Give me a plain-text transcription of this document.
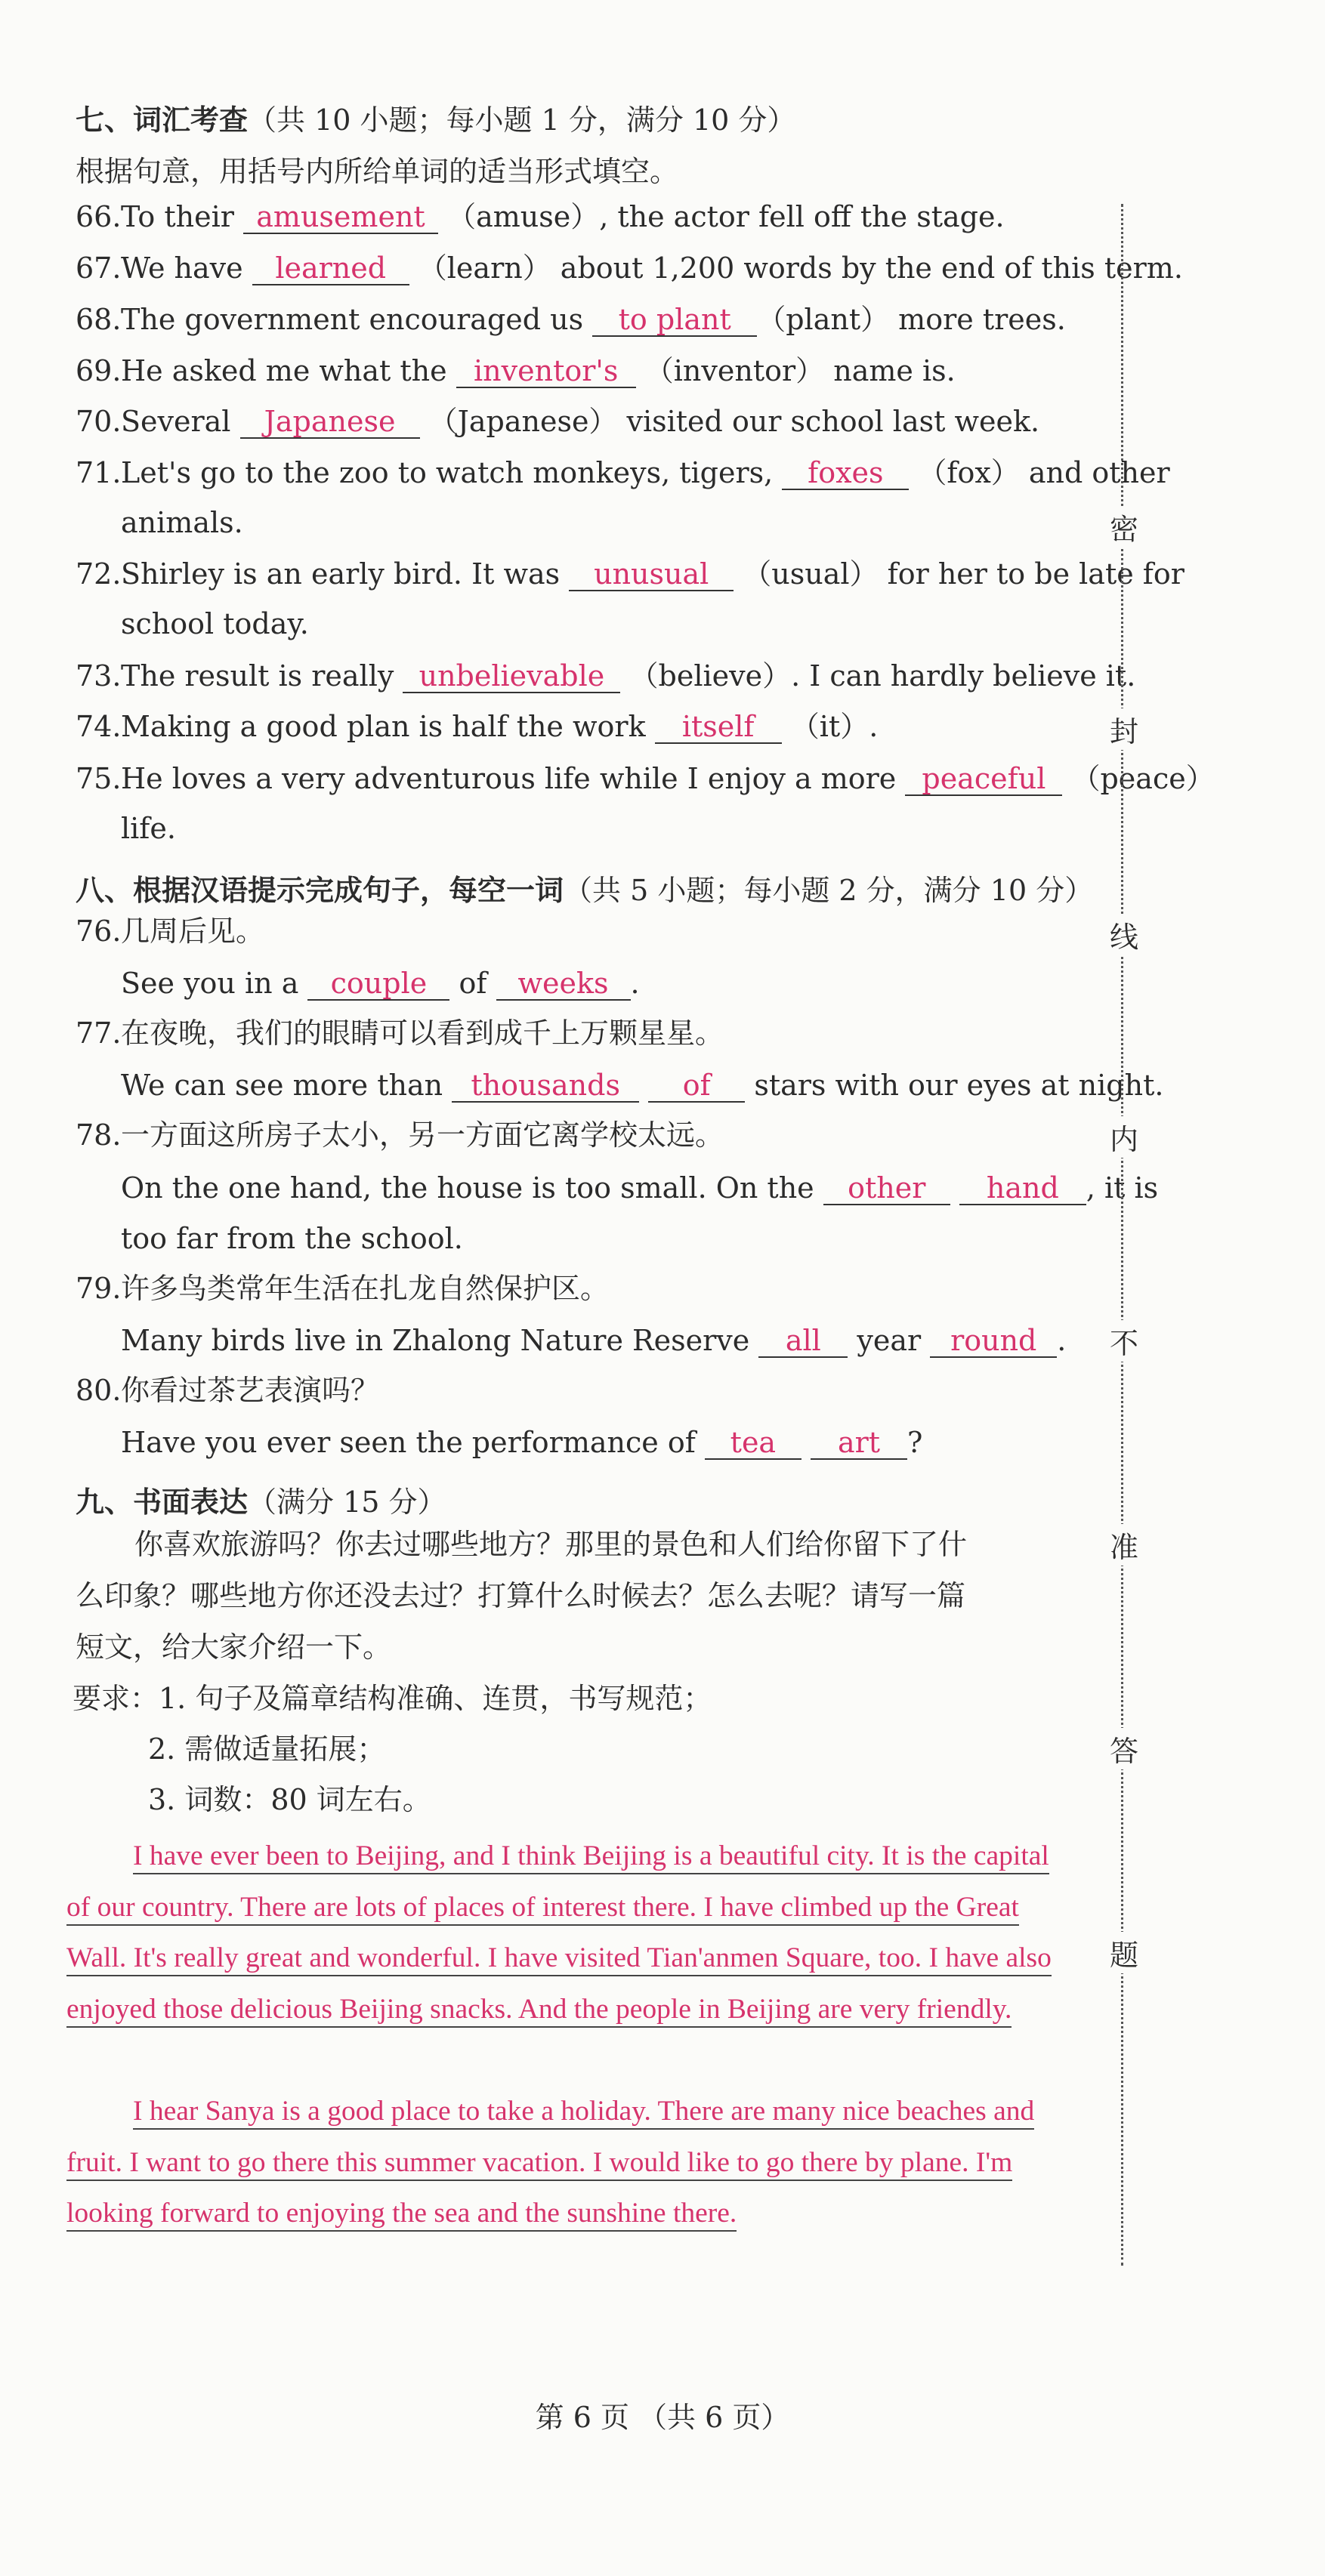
七、词汇考查（共 10 小题；每小题 1 分，满分 10 分）
根据句意，用括号内所给单词的适当形式填空。
66.To their amusement （amuse）, the actor fell off the stage.
67.We have learned （learn） about 1,200 words by the end of this term.
68.The government encouraged us to plant （plant） more trees.
69.He asked me what the inventor's （inventor） name is.
70.Several Japanese （Japanese） visited our school last week.
71.Let's go to the zoo to watch monkeys, tigers, foxes （fox） and other
animals.
72.Shirley is an early bird. It was unusual （usual） for her to be late for
school today.
73.The result is really unbelievable （believe）. I can hardly believe it.
74.Making a good plan is half the work itself （it）.
75.He loves a very adventurous life while I enjoy a more peaceful （peace）
life.
八、根据汉语提示完成句子，每空一词（共 5 小题；每小题 2 分，满分 10 分）
76.几周后见。
See you in a couple of weeks .
77.在夜晚，我们的眼睛可以看到成千上万颗星星。
We can see more than thousands of stars with our eyes at night.
78.一方面这所房子太小，另一方面它离学校太远。
On the one hand, the house is too small. On the other hand , it is
too far from the school.
79.许多鸟类常年生活在扎龙自然保护区。
Many birds live in Zhalong Nature Reserve all year round .
80.你看过茶艺表演吗？
Have you ever seen the performance of tea art ?
九、书面表达（满分 15 分）
你喜欢旅游吗？你去过哪些地方？那里的景色和人们给你留下了什
么印象？哪些地方你还没去过？打算什么时候去？怎么去呢？请写一篇
短文，给大家介绍一下。
要求：1. 句子及篇章结构准确、连贯，书写规范；
2. 需做适量拓展；
3. 词数：80 词左右。
I have ever been to Beijing, and I think Beijing is a beautiful city. It is the capital of our country. There are lots of places of interest there. I have climbed up the Great Wall. It's really great and wonderful. I have visited Tian'anmen Square, too. I have also enjoyed those delicious Beijing snacks. And the people in Beijing are very friendly.
I hear Sanya is a good place to take a holiday. There are many nice beaches and fruit. I want to go there this summer vacation. I would like to go there by plane. I'm looking forward to enjoying the sea and the sunshine there.
密
封
线
内
不
准
答
题
第 6 页 （共 6 页）
